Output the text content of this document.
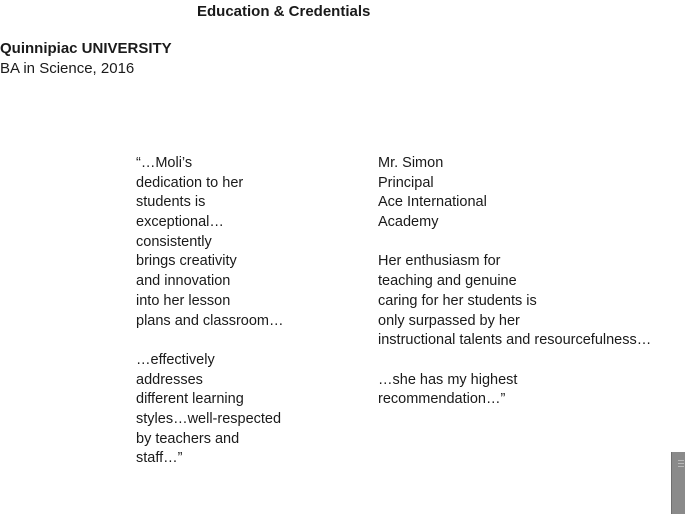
Education & Credentials
Quinnipiac UNIVERSITY
BA in Science, 2016
“…Moli’s
dedication to her
students is
exceptional…
consistently
brings creativity
and innovation
into her lesson
plans and classroom…
…effectively
addresses
different learning
styles…well-respected
by teachers and
staff…”
Mr. Simon
Principal
Ace International
Academy
Her enthusiasm for
teaching and genuine
caring for her students is
only surpassed by her
instructional talents and resourcefulness…
…she has my highest
recommendation…”
